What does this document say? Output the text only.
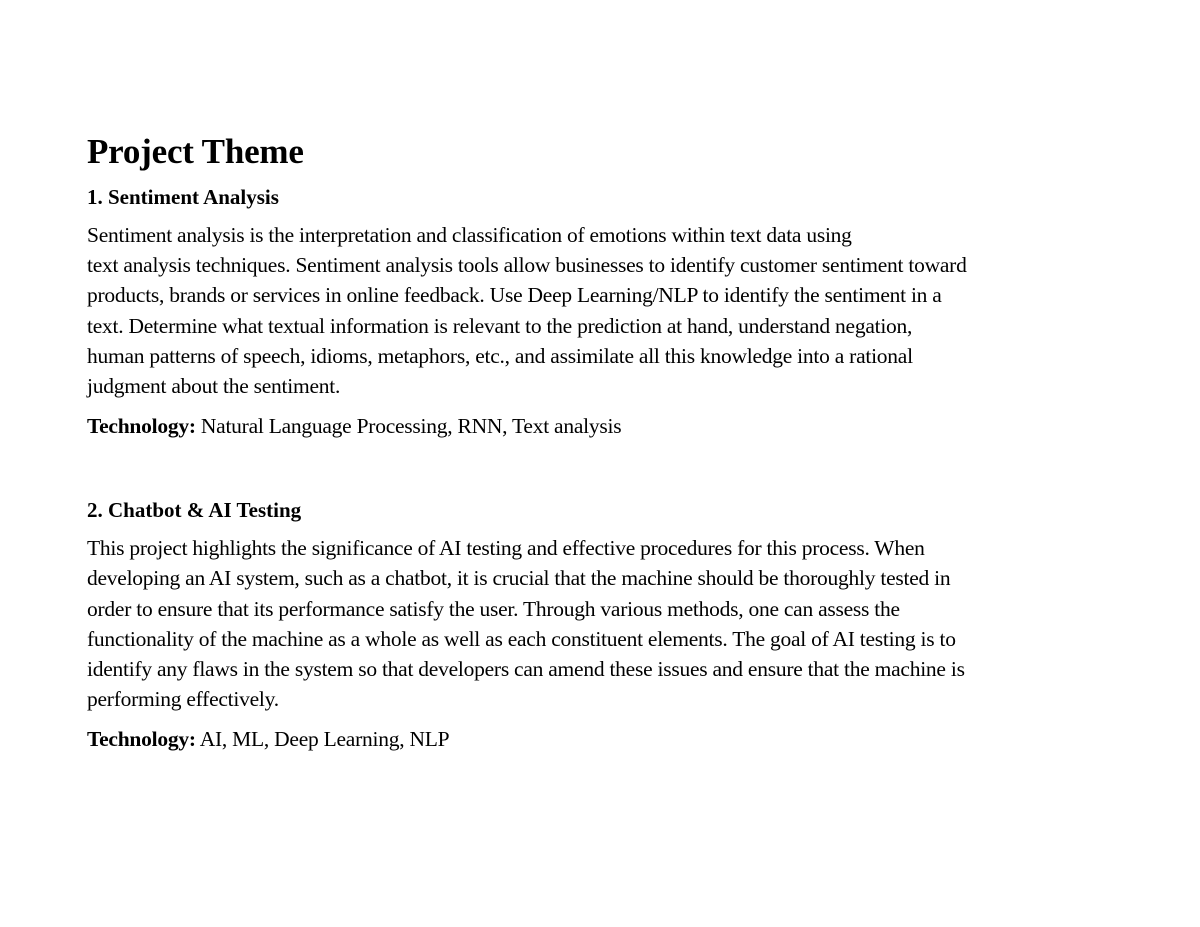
Project Theme
1. Sentiment Analysis

Sentiment analysis is the interpretation and classification of emotions within text data using
text analysis techniques. Sentiment analysis tools allow businesses to identify customer sentiment toward
products, brands or services in online feedback. Use Deep Learning/NLP to identify the sentiment in a
text. Determine what textual information is relevant to the prediction at hand, understand negation,
human patterns of speech, idioms, metaphors, etc., and assimilate all this knowledge into a rational
judgment about the sentiment.

Technology: Natural Language Processing, RNN, Text analysis

2. Chatbot & AI Testing

This project highlights the significance of AI testing and effective procedures for this process. When
developing an AI system, such as a chatbot, it is crucial that the machine should be thoroughly tested in
order to ensure that its performance satisfy the user. Through various methods, one can assess the
functionality of the machine as a whole as well as each constituent elements. The goal of AI testing is to
identify any flaws in the system so that developers can amend these issues and ensure that the machine is
performing effectively.

Technology: AI, ML, Deep Learning, NLP
